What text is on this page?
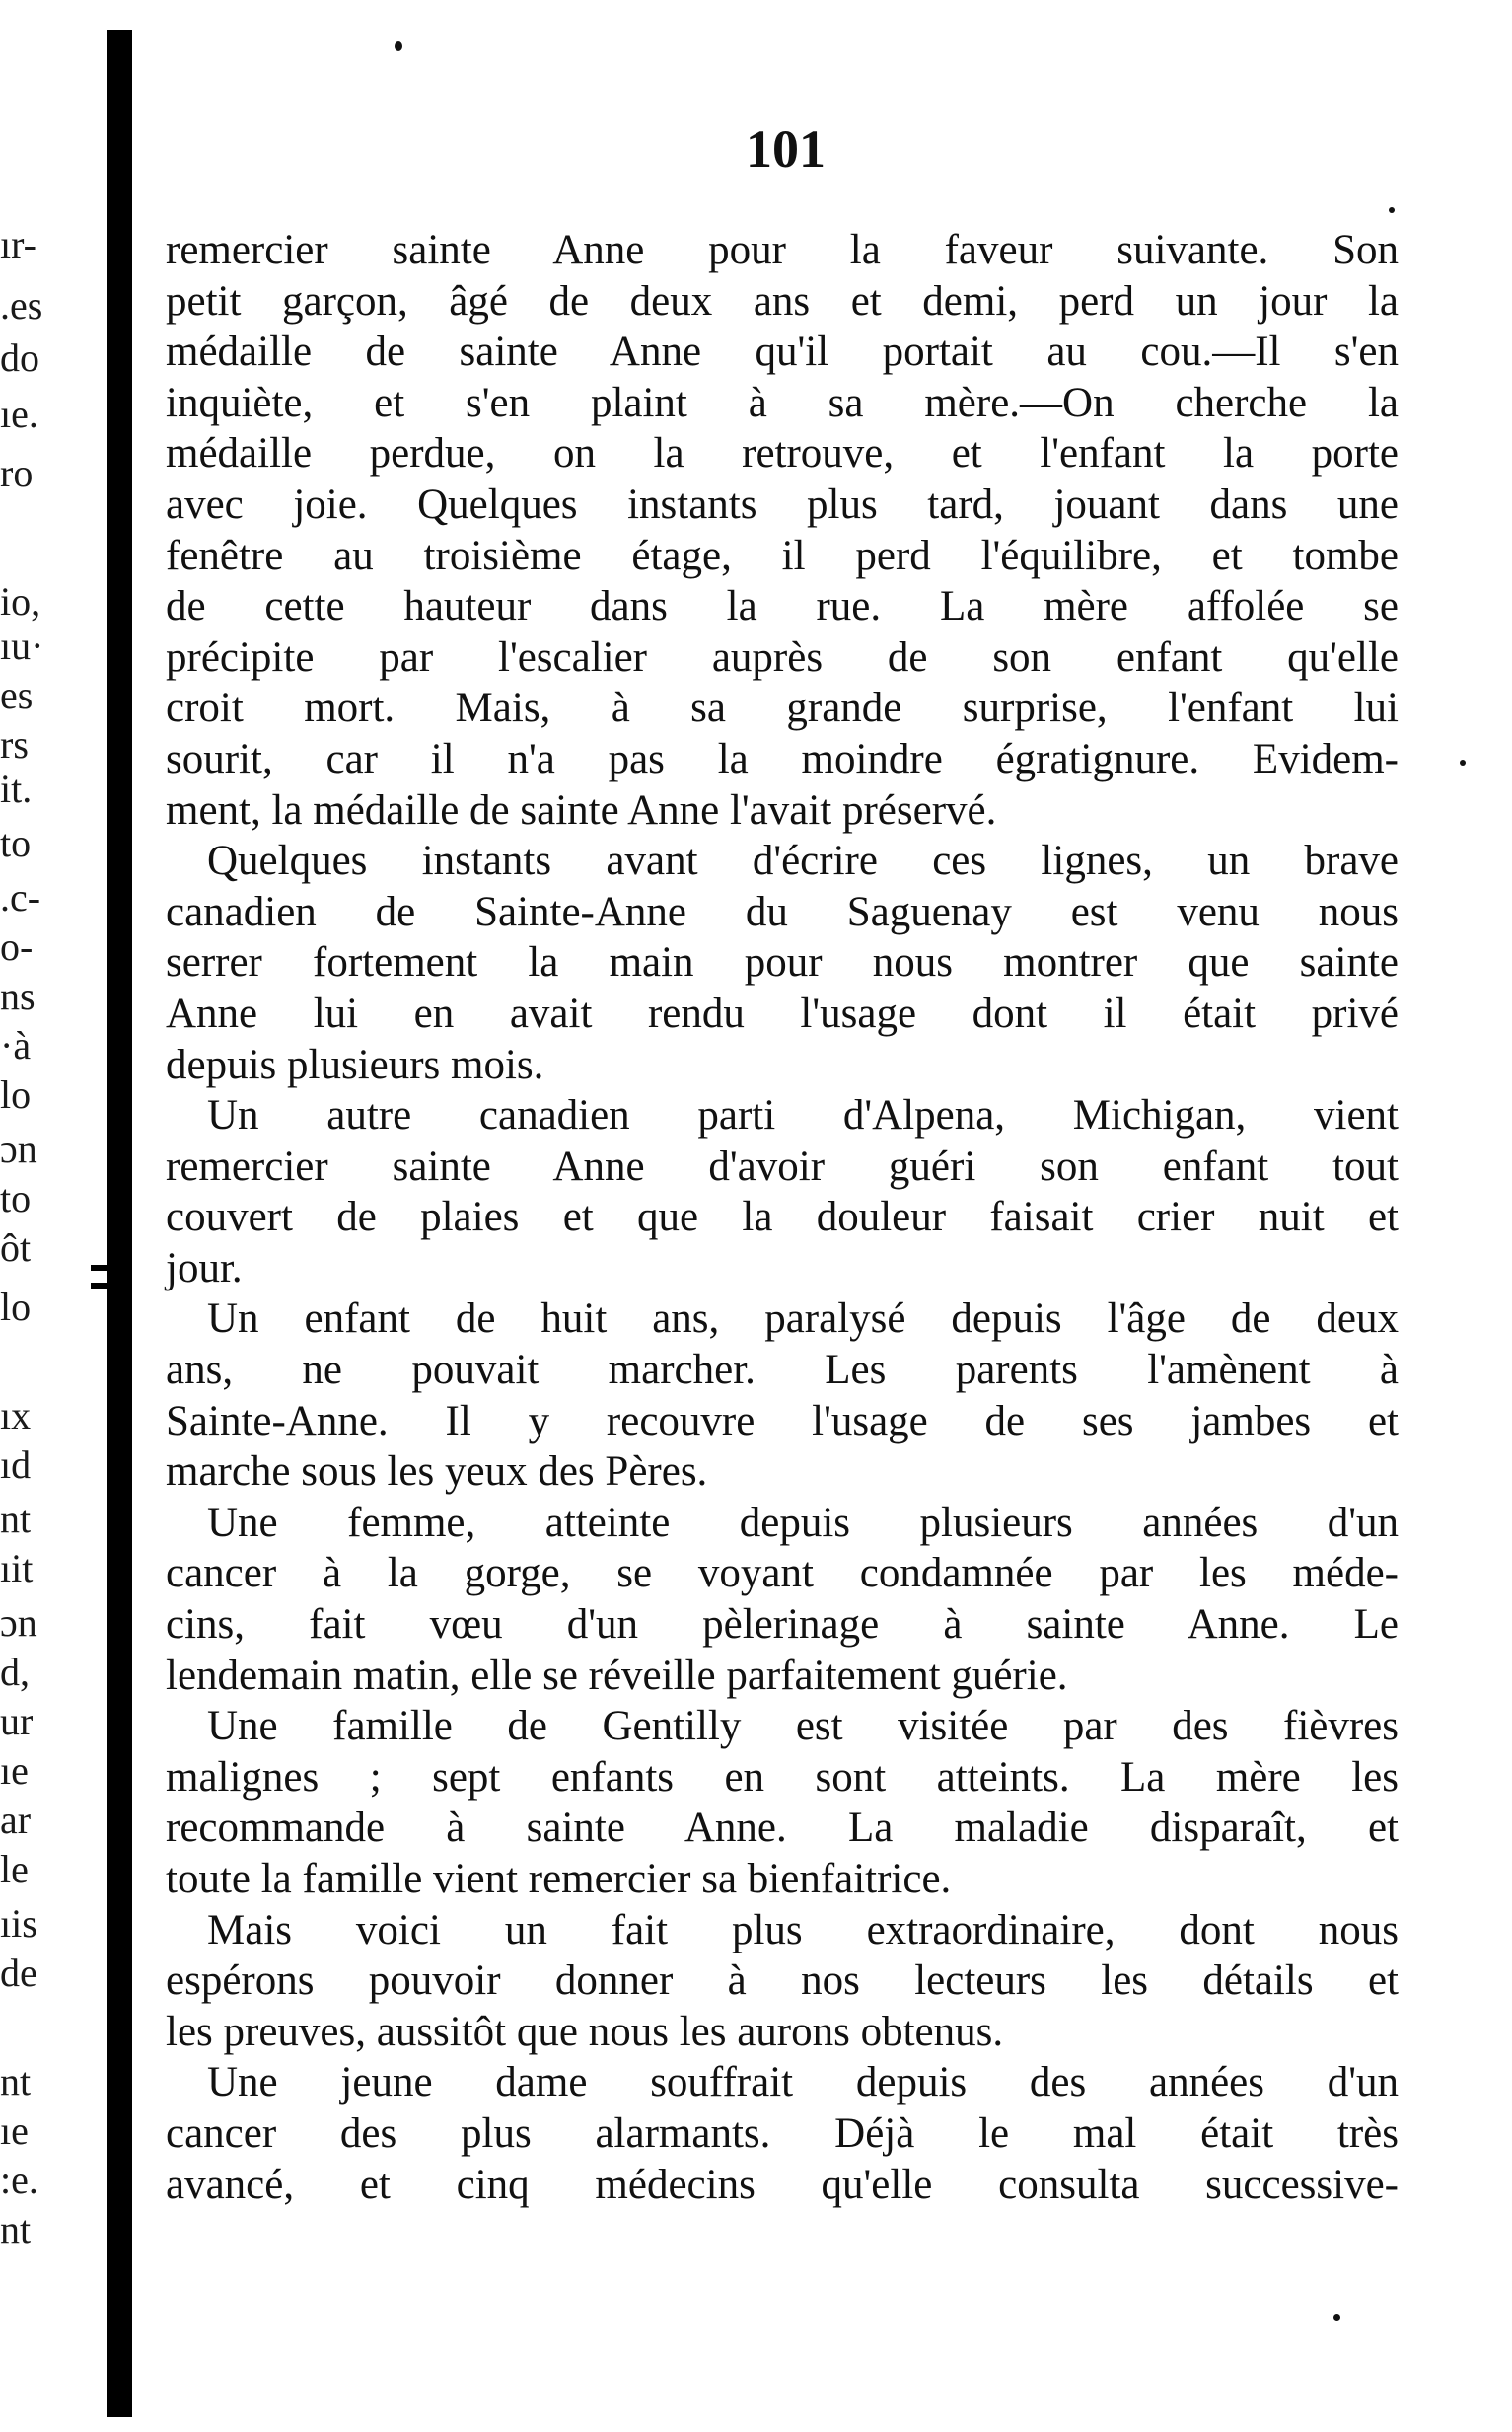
ır-
.es
do
ıe.
ro
io,
ıu·
es
rs
it.
to
.c-
o-
ns
·à
lo
ɔn
to
ôt
lo
ıx
ıd
nt
ıit
ɔn
d,
ur
ıe
ar
le
ıis
de
nt
ıe
:e.
nt
101
remercier sainte Anne pour la faveur suivante. Son
petit garçon, âgé de deux ans et demi, perd un jour la
médaille de sainte Anne qu'il portait au cou.—Il s'en
inquiète, et s'en plaint à sa mère.—On cherche la
médaille perdue, on la retrouve, et l'enfant la porte
avec joie. Quelques instants plus tard, jouant dans une
fenêtre au troisième étage, il perd l'équilibre, et tombe
de cette hauteur dans la rue. La mère affolée se
précipite par l'escalier auprès de son enfant qu'elle
croit mort. Mais, à sa grande surprise, l'enfant lui
sourit, car il n'a pas la moindre égratignure. Evidem-
ment, la médaille de sainte Anne l'avait préservé.
Quelques instants avant d'écrire ces lignes, un brave
canadien de Sainte-Anne du Saguenay est venu nous
serrer fortement la main pour nous montrer que sainte
Anne lui en avait rendu l'usage dont il était privé
depuis plusieurs mois.
Un autre canadien parti d'Alpena, Michigan, vient
remercier sainte Anne d'avoir guéri son enfant tout
couvert de plaies et que la douleur faisait crier nuit et
jour.
Un enfant de huit ans, paralysé depuis l'âge de deux
ans, ne pouvait marcher. Les parents l'amènent à
Sainte-Anne. Il y recouvre l'usage de ses jambes et
marche sous les yeux des Pères.
Une femme, atteinte depuis plusieurs années d'un
cancer à la gorge, se voyant condamnée par les méde-
cins, fait vœu d'un pèlerinage à sainte Anne. Le
lendemain matin, elle se réveille parfaitement guérie.
Une famille de Gentilly est visitée par des fièvres
malignes ; sept enfants en sont atteints. La mère les
recommande à sainte Anne. La maladie disparaît, et
toute la famille vient remercier sa bienfaitrice.
Mais voici un fait plus extraordinaire, dont nous
espérons pouvoir donner à nos lecteurs les détails et
les preuves, aussitôt que nous les aurons obtenus.
Une jeune dame souffrait depuis des années d'un
cancer des plus alarmants. Déjà le mal était très
avancé, et cinq médecins qu'elle consulta successive-
